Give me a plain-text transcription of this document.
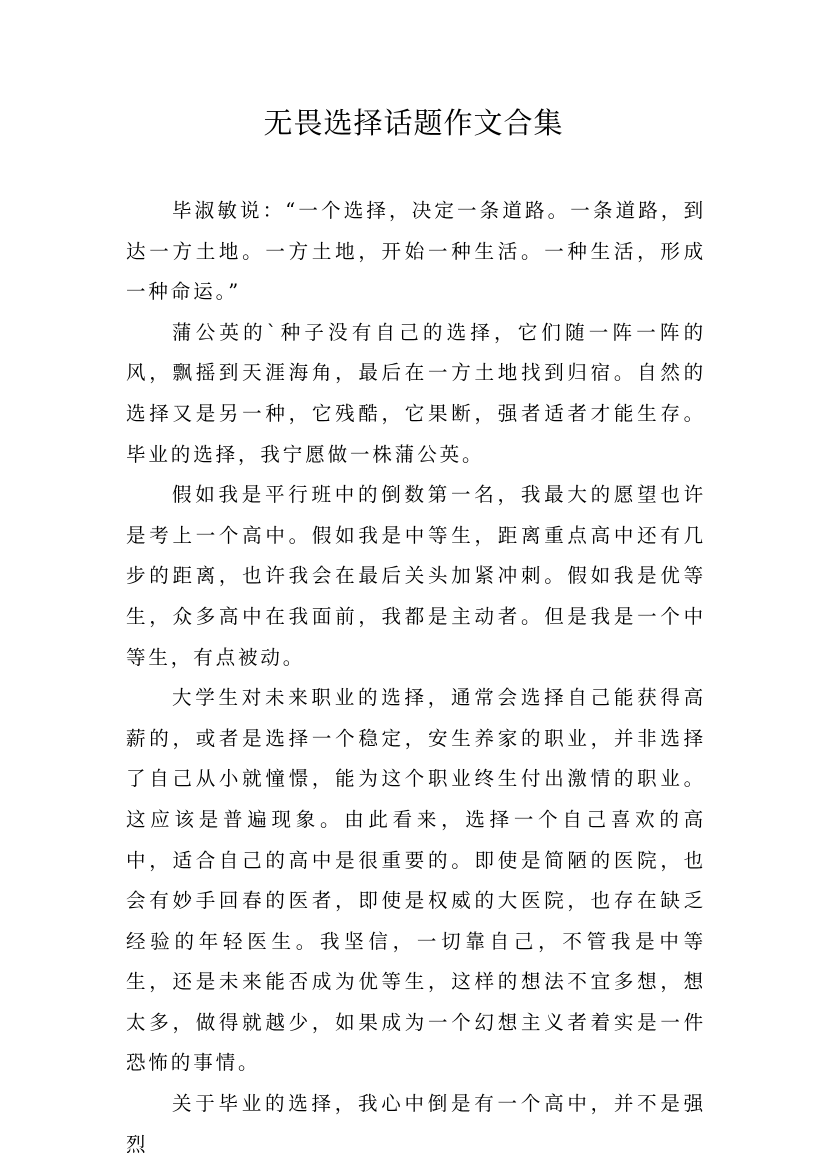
无畏选择话题作文合集

毕淑敏说：“一个选择，决定一条道路。一条道路，到达一方土地。一方土地，开始一种生活。一种生活，形成一种命运。”

蒲公英的`种子没有自己的选择，它们随一阵一阵的风，飘摇到天涯海角，最后在一方土地找到归宿。自然的选择又是另一种，它残酷，它果断，强者适者才能生存。毕业的选择，我宁愿做一株蒲公英。

假如我是平行班中的倒数第一名，我最大的愿望也许是考上一个高中。假如我是中等生，距离重点高中还有几步的距离，也许我会在最后关头加紧冲刺。假如我是优等生，众多高中在我面前，我都是主动者。但是我是一个中等生，有点被动。

大学生对未来职业的选择，通常会选择自己能获得高薪的，或者是选择一个稳定，安生养家的职业，并非选择了自己从小就憧憬，能为这个职业终生付出激情的职业。这应该是普遍现象。由此看来，选择一个自己喜欢的高中，适合自己的高中是很重要的。即使是简陋的医院，也会有妙手回春的医者，即使是权威的大医院，也存在缺乏经验的年轻医生。我坚信，一切靠自己，不管我是中等生，还是未来能否成为优等生，这样的想法不宜多想，想太多，做得就越少，如果成为一个幻想主义者着实是一件恐怖的事情。

关于毕业的选择，我心中倒是有一个高中，并不是强烈
